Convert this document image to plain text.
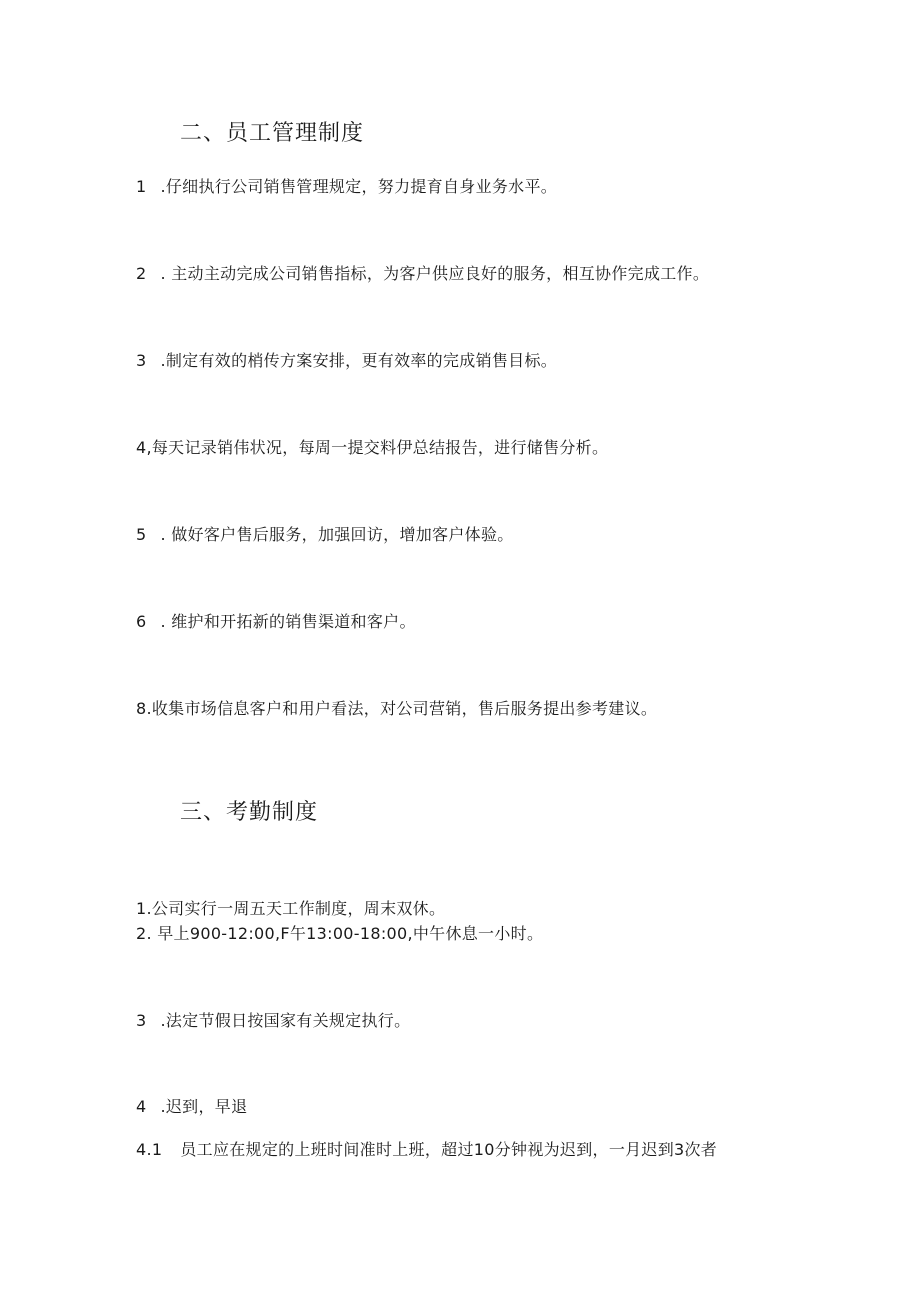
二、员工管理制度
1 .仔细执行公司销售管理规定，努力提育自身业务水平。
2 . 主动主动完成公司销售指标，为客户供应良好的服务，相互协作完成工作。
3 .制定有效的梢传方案安排，更有效率的完成销售目标。
4,每天记录销伟状况，每周一提交料伊总结报告，进行储售分析。
5 . 做好客户售后服务，加强回访，增加客户体验。
6 . 维护和开拓新的销售渠道和客户。
8.收集市场信息客户和用户看法，对公司营销，售后服务提出参考建议。
三、考勤制度
1.公司实行一周五天工作制度，周末双休。
2. 早上900-12:00,F午13:00-18:00,中午休息一小时。
3 .法定节假日按国家有关规定执行。
4 .迟到，早退
4.1 员工应在规定的上班时间准时上班，超过10分钟视为迟到，一月迟到3次者
